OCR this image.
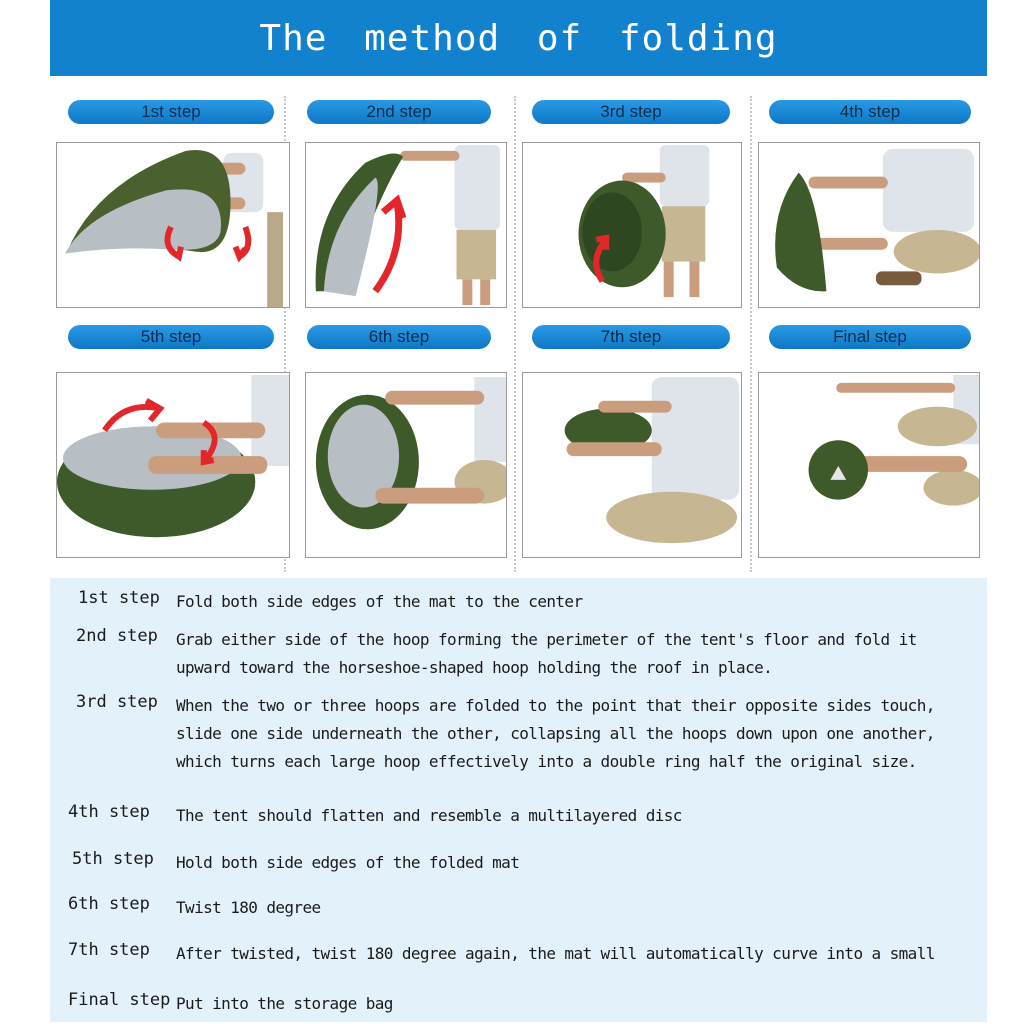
The method of folding
1st step	2nd step	3rd step	4th step
5th step	6th step	7th step	Final step
1st step	Fold both side edges of the mat to the center
2nd step	Grab either side of the hoop forming the perimeter of the tent's floor and fold it upward toward the horseshoe-shaped hoop holding the roof in place.
3rd step	When the two or three hoops are folded to the point that their opposite sides touch, slide one side underneath the other, collapsing all the hoops down upon one another, which turns each large hoop effectively into a double ring half the original size.
4th step	The tent should flatten and resemble a multilayered disc
5th step	Hold both side edges of the folded mat
6th step	Twist 180 degree
7th step	After twisted, twist 180 degree again, the mat will automatically curve into a small
Final step Put into the storage bag
